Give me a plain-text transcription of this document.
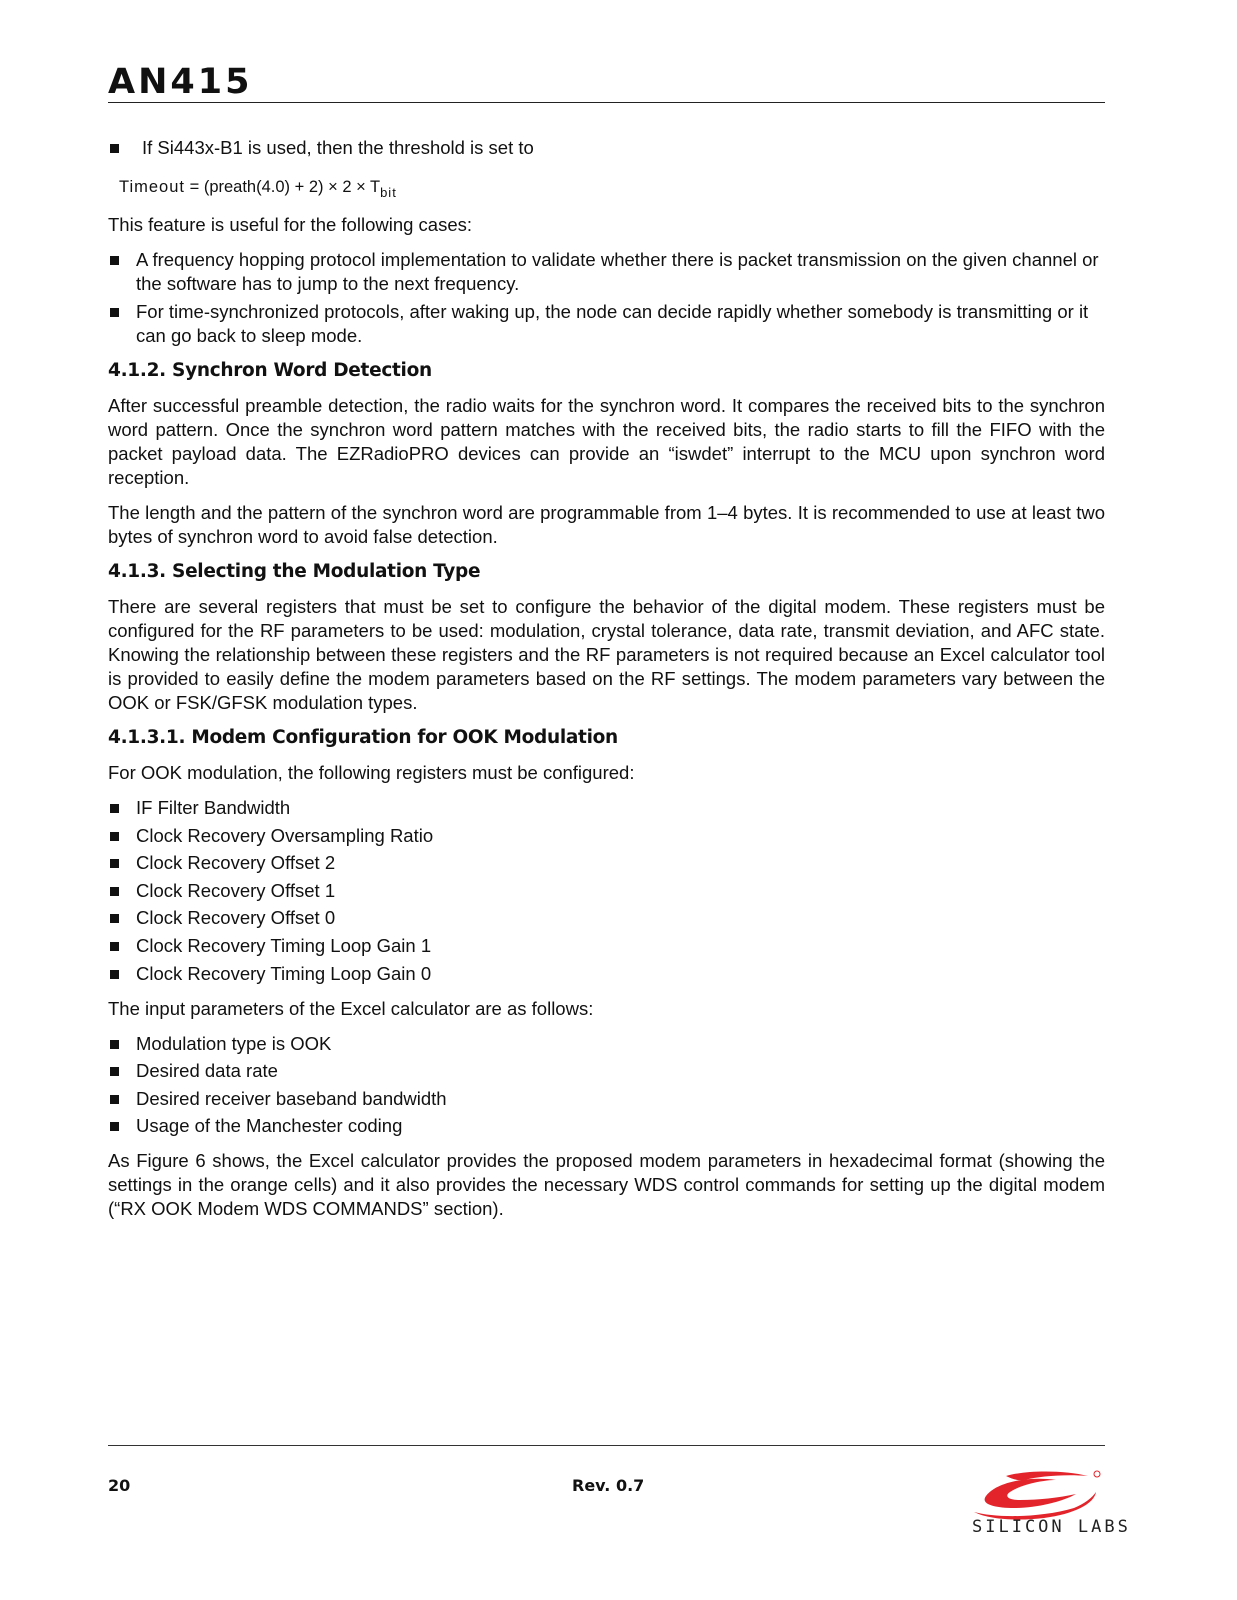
AN415
If Si443x-B1 is used, then the threshold is set to
Timeout = (preath(4.0) + $2) \times 2 \times T_{bit}$

This feature is useful for the following cases:

A frequency hopping protocol implementation to validate whether there is packet transmission on the given channel or the software has to jump to the next frequency.
For time-synchronized protocols, after waking up, the node can decide rapidly whether somebody is transmitting or it can go back to sleep mode.
4.1.2. Synchron Word Detection

After successful preamble detection, the radio waits for the synchron word. It compares the received bits to the synchron word pattern. Once the synchron word pattern matches with the received bits, the radio starts to fill the FIFO with the packet payload data. The EZRadioPRO devices can provide an “iswdet” interrupt to the MCU upon synchron word reception.

The length and the pattern of the synchron word are programmable from 1–4 bytes. It is recommended to use at least two bytes of synchron word to avoid false detection.

4.1.3. Selecting the Modulation Type

There are several registers that must be set to configure the behavior of the digital modem. These registers must be configured for the RF parameters to be used: modulation, crystal tolerance, data rate, transmit deviation, and AFC state. Knowing the relationship between these registers and the RF parameters is not required because an Excel calculator tool is provided to easily define the modem parameters based on the RF settings. The modem parameters vary between the OOK or FSK/GFSK modulation types.

4.1.3.1. Modem Configuration for OOK Modulation

For OOK modulation, the following registers must be configured:

IF Filter Bandwidth
Clock Recovery Oversampling Ratio
Clock Recovery Offset 2
Clock Recovery Offset 1
Clock Recovery Offset 0
Clock Recovery Timing Loop Gain 1
Clock Recovery Timing Loop Gain 0

The input parameters of the Excel calculator are as follows:

Modulation type is OOK
Desired data rate
Desired receiver baseband bandwidth
Usage of the Manchester coding

As Figure 6 shows, the Excel calculator provides the proposed modem parameters in hexadecimal format (showing the settings in the orange cells) and it also provides the necessary WDS control commands for setting up the digital modem (“RX OOK Modem WDS COMMANDS” section).

20	Rev. 0.7
SILICON LABS
